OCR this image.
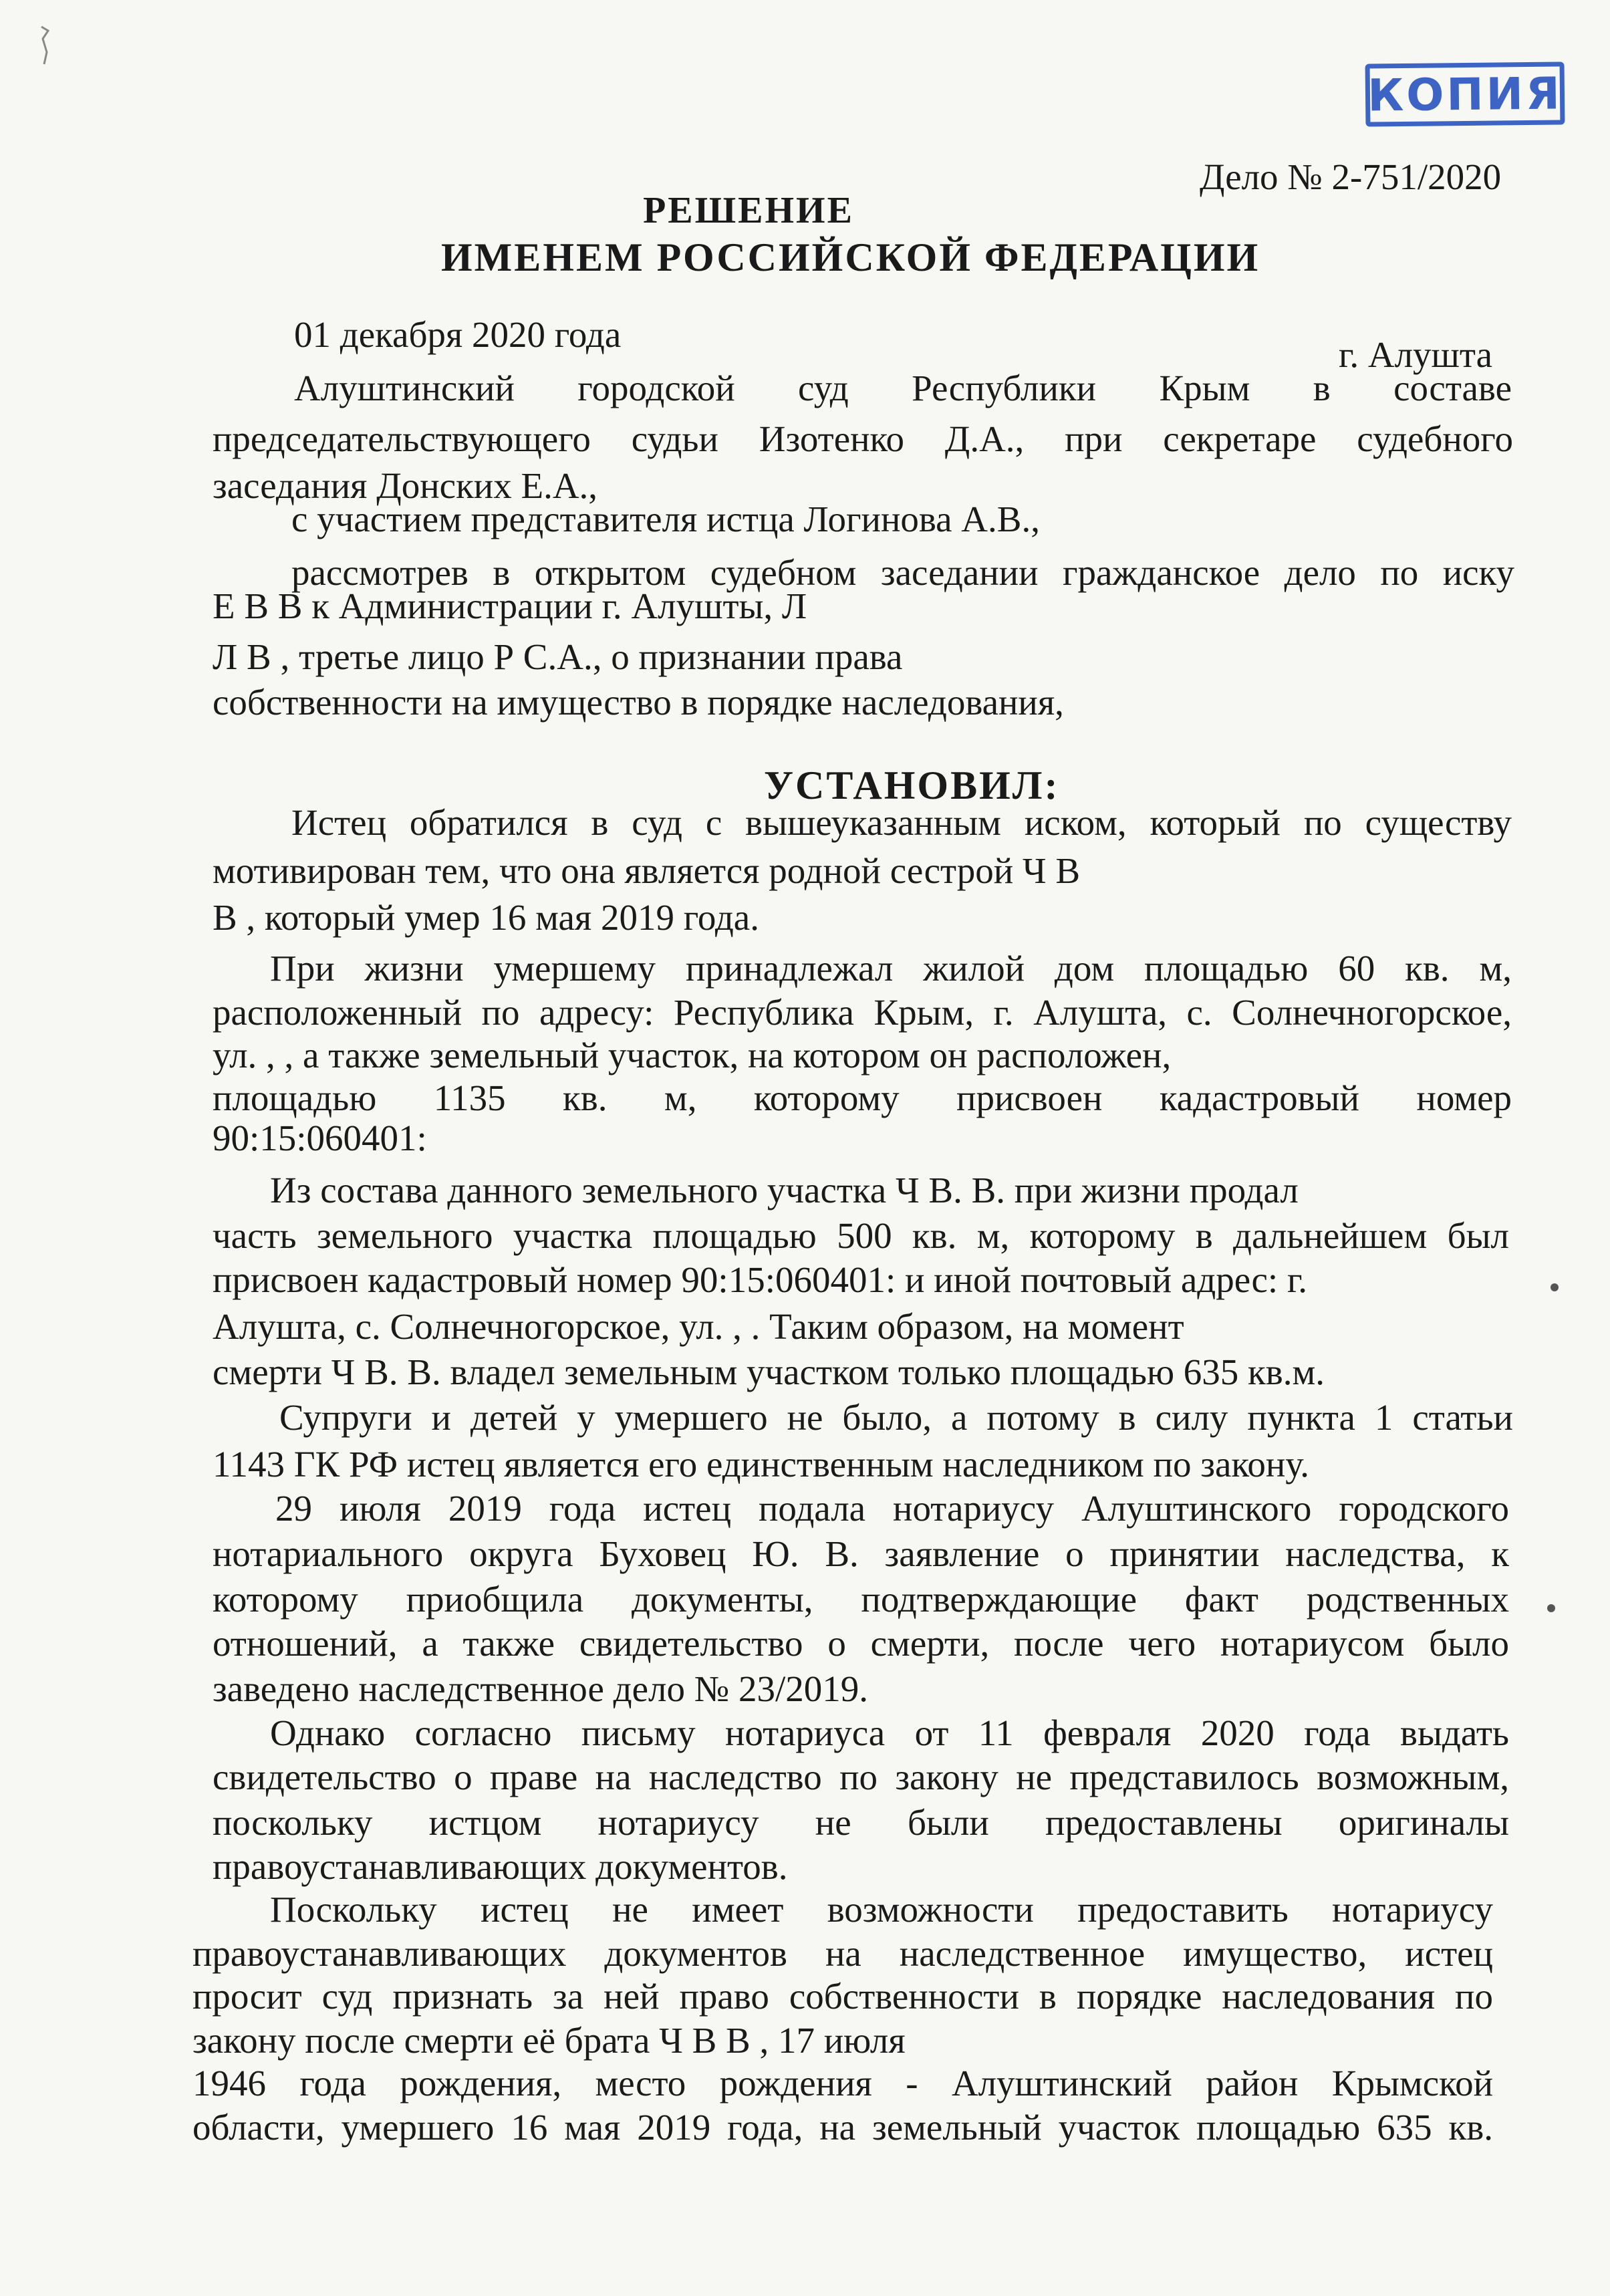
КОПИЯ
Дело № 2-751/2020
РЕШЕНИЕ
ИМЕНЕМ РОССИЙСКОЙ ФЕДЕРАЦИИ
01 декабря 2020 года	г. Алушта
Алуштинский городской суд Республики Крым в составе
председательствующего судьи Изотенко Д.А., при секретаре судебного
заседания Донских Е.А.,
с участием представителя истца Логинова А.В.,
рассмотрев в открытом судебном заседании гражданское дело по иску
Е В В к Администрации г. Алушты, Л
Л В , третье лицо Р С.А., о признании права
собственности на имущество в порядке наследования,
УСТАНОВИЛ:
Истец обратился в суд с вышеуказанным иском, который по существу
мотивирован тем, что она является родной сестрой Ч В
В , который умер 16 мая 2019 года.
При жизни умершему принадлежал жилой дом площадью 60 кв. м,
расположенный по адресу: Республика Крым, г. Алушта, с. Солнечногорское,
ул. , , а также земельный участок, на котором он расположен,
площадью 1135 кв. м, которому присвоен кадастровый номер
90:15:060401:
Из состава данного земельного участка Ч В. В. при жизни продал
часть земельного участка площадью 500 кв. м, которому в дальнейшем был
присвоен кадастровый номер 90:15:060401: и иной почтовый адрес: г.
Алушта, с. Солнечногорское, ул. , . Таким образом, на момент
смерти Ч В. В. владел земельным участком только площадью 635 кв.м.
Супруги и детей у умершего не было, а потому в силу пункта 1 статьи
1143 ГК РФ истец является его единственным наследником по закону.
29 июля 2019 года истец подала нотариусу Алуштинского городского
нотариального округа Буховец Ю. В. заявление о принятии наследства, к
которому приобщила документы, подтверждающие факт родственных
отношений, а также свидетельство о смерти, после чего нотариусом было
заведено наследственное дело № 23/2019.
Однако согласно письму нотариуса от 11 февраля 2020 года выдать
свидетельство о праве на наследство по закону не представилось возможным,
поскольку истцом нотариусу не были предоставлены оригиналы
правоустанавливающих документов.
Поскольку истец не имеет возможности предоставить нотариусу
правоустанавливающих документов на наследственное имущество, истец
просит суд признать за ней право собственности в порядке наследования по
закону после смерти её брата Ч В В , 17 июля
1946 года рождения, место рождения - Алуштинский район Крымской
области, умершего 16 мая 2019 года, на земельный участок площадью 635 кв.
